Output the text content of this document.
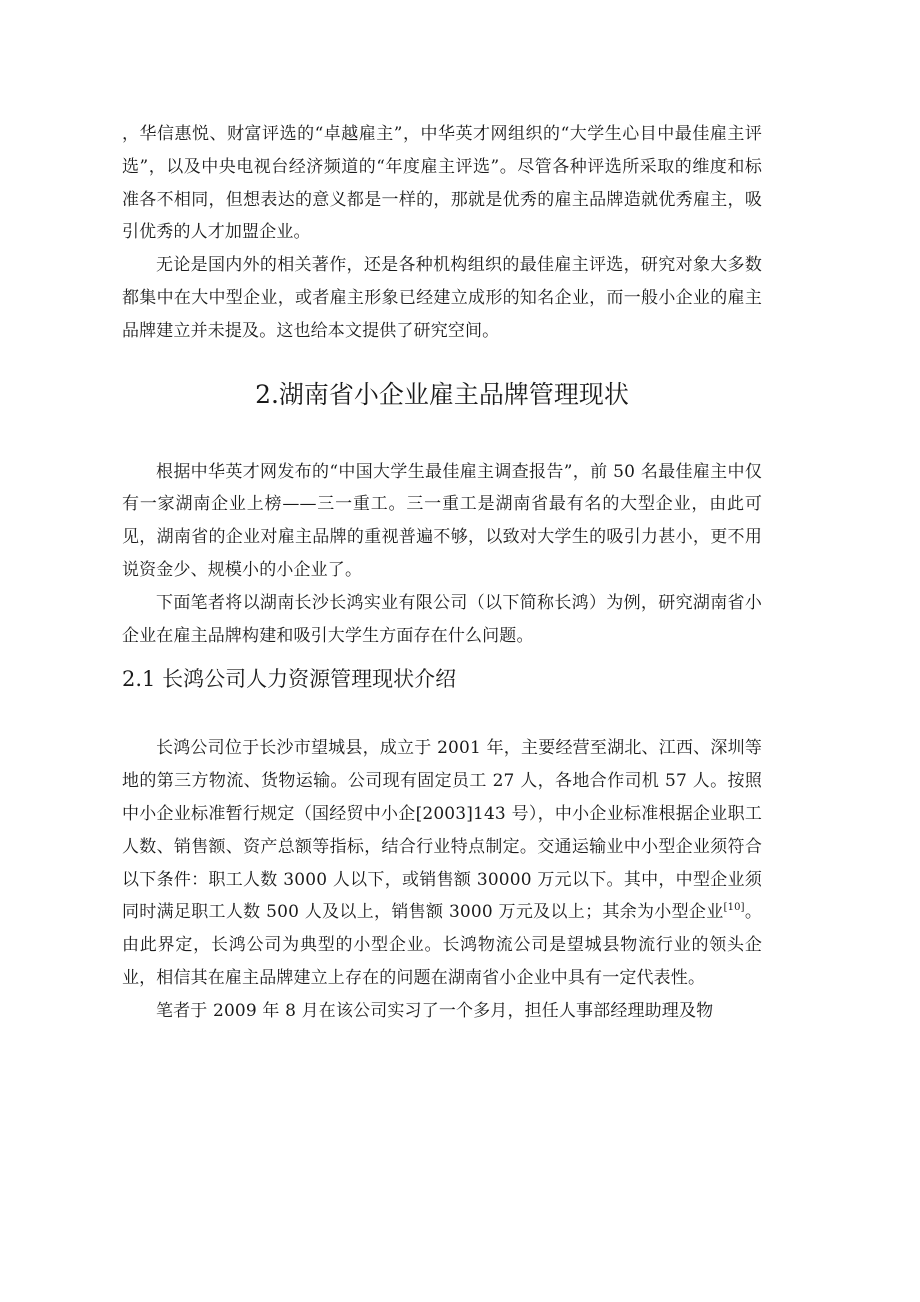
，华信惠悦、财富评选的“卓越雇主”，中华英才网组织的“大学生心目中最佳雇主评选”，以及中央电视台经济频道的“年度雇主评选”。尽管各种评选所采取的维度和标准各不相同，但想表达的意义都是一样的，那就是优秀的雇主品牌造就优秀雇主，吸引优秀的人才加盟企业。

无论是国内外的相关著作，还是各种机构组织的最佳雇主评选，研究对象大多数都集中在大中型企业，或者雇主形象已经建立成形的知名企业，而一般小企业的雇主品牌建立并未提及。这也给本文提供了研究空间。

2.湖南省小企业雇主品牌管理现状

根据中华英才网发布的“中国大学生最佳雇主调查报告”，前 50 名最佳雇主中仅有一家湖南企业上榜——三一重工。三一重工是湖南省最有名的大型企业，由此可见，湖南省的企业对雇主品牌的重视普遍不够，以致对大学生的吸引力甚小，更不用说资金少、规模小的小企业了。

下面笔者将以湖南长沙长鸿实业有限公司（以下简称长鸿）为例，研究湖南省小企业在雇主品牌构建和吸引大学生方面存在什么问题。

2.1 长鸿公司人力资源管理现状介绍

长鸿公司位于长沙市望城县，成立于 2001 年，主要经营至湖北、江西、深圳等地的第三方物流、货物运输。公司现有固定员工 27 人，各地合作司机 57 人。按照中小企业标准暂行规定（国经贸中小企[2003]143 号），中小企业标准根据企业职工人数、销售额、资产总额等指标，结合行业特点制定。交通运输业中小型企业须符合以下条件：职工人数 3000 人以下，或销售额 30000 万元以下。其中，中型企业须同时满足职工人数 500 人及以上，销售额 3000 万元及以上；其余为小型企业[10]。由此界定，长鸿公司为典型的小型企业。长鸿物流公司是望城县物流行业的领头企业，相信其在雇主品牌建立上存在的问题在湖南省小企业中具有一定代表性。

笔者于 2009 年 8 月在该公司实习了一个多月，担任人事部经理助理及物
